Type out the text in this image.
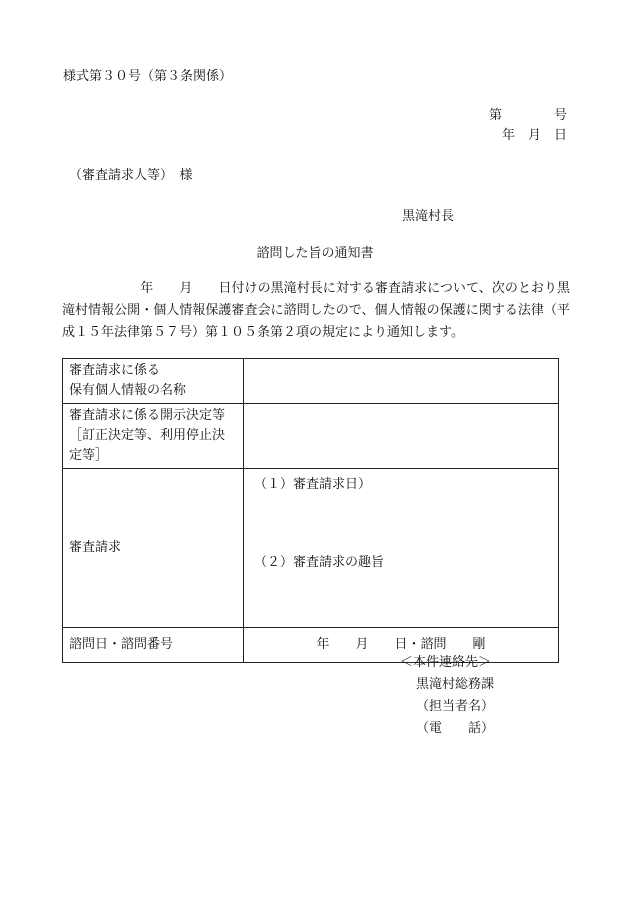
様式第３０号（第３条関係）
第　　　　号
年　月　日
（審査請求人等）　様
黒滝村長
諮問した旨の通知書
　　　　　　年　　月　　日付けの黒滝村長に対する審査請求について、次のとおり黒滝村情報公開・個人情報保護審査会に諮問したので、個人情報の保護に関する法律（平成１５年法律第５７号）第１０５条第２項の規定により通知します。
審査請求に係る
保有個人情報の名称	

審査請求に係る開示決定等
［訂正決定等、利用停止決定等］	

審査請求	（１）審査請求日）
（２）審査請求の趣旨

諮問日・諮問番号	年　　月　　日・諮問　　剛
＜本件連絡先＞
黒滝村総務課
（担当者名）
（電　　話）
